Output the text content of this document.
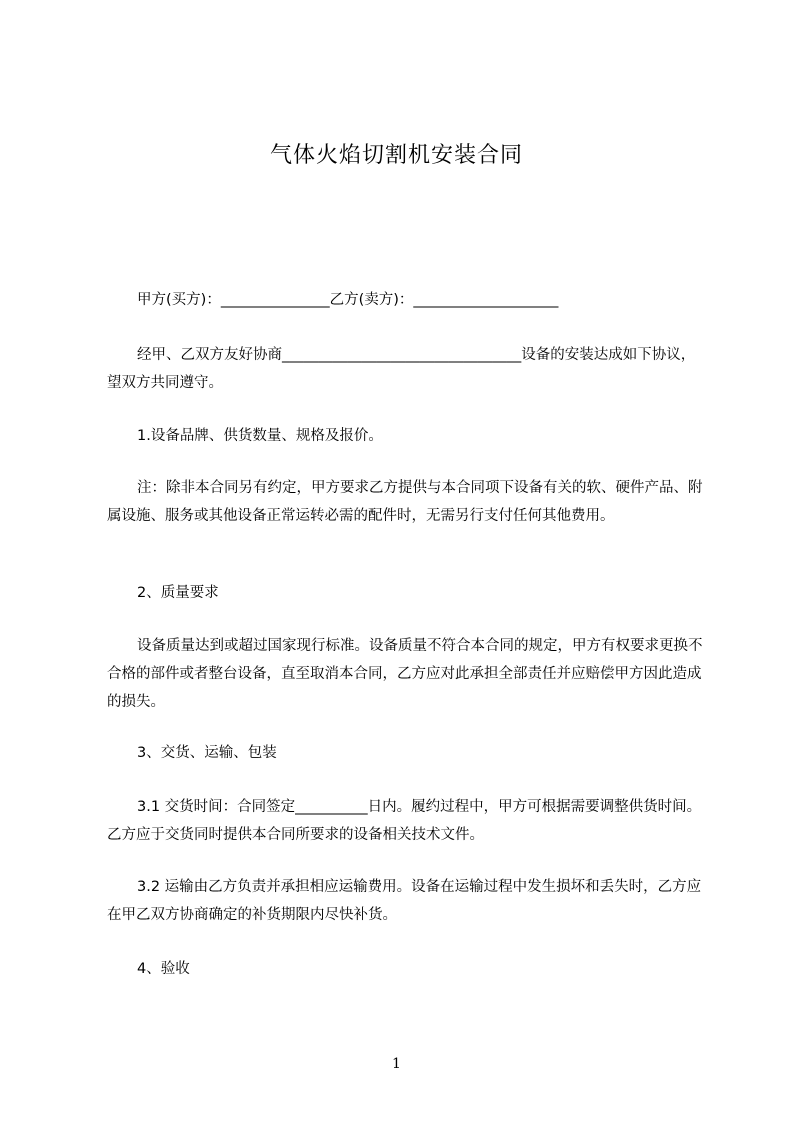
气体火焰切割机安装合同

甲方(买方)：_______________乙方(卖方)：____________________

经甲、乙双方友好协商_________________________________设备的安装达成如下协议，望双方共同遵守。

1.设备品牌、供货数量、规格及报价。

注：除非本合同另有约定，甲方要求乙方提供与本合同项下设备有关的软、硬件产品、附属设施、服务或其他设备正常运转必需的配件时，无需另行支付任何其他费用。

2、质量要求

设备质量达到或超过国家现行标准。设备质量不符合本合同的规定，甲方有权要求更换不合格的部件或者整台设备，直至取消本合同，乙方应对此承担全部责任并应赔偿甲方因此造成的损失。

3、交货、运输、包装

3.1 交货时间：合同签定__________日内。履约过程中，甲方可根据需要调整供货时间。乙方应于交货同时提供本合同所要求的设备相关技术文件。

3.2 运输由乙方负责并承担相应运输费用。设备在运输过程中发生损坏和丢失时，乙方应在甲乙双方协商确定的补货期限内尽快补货。

4、验收

1
